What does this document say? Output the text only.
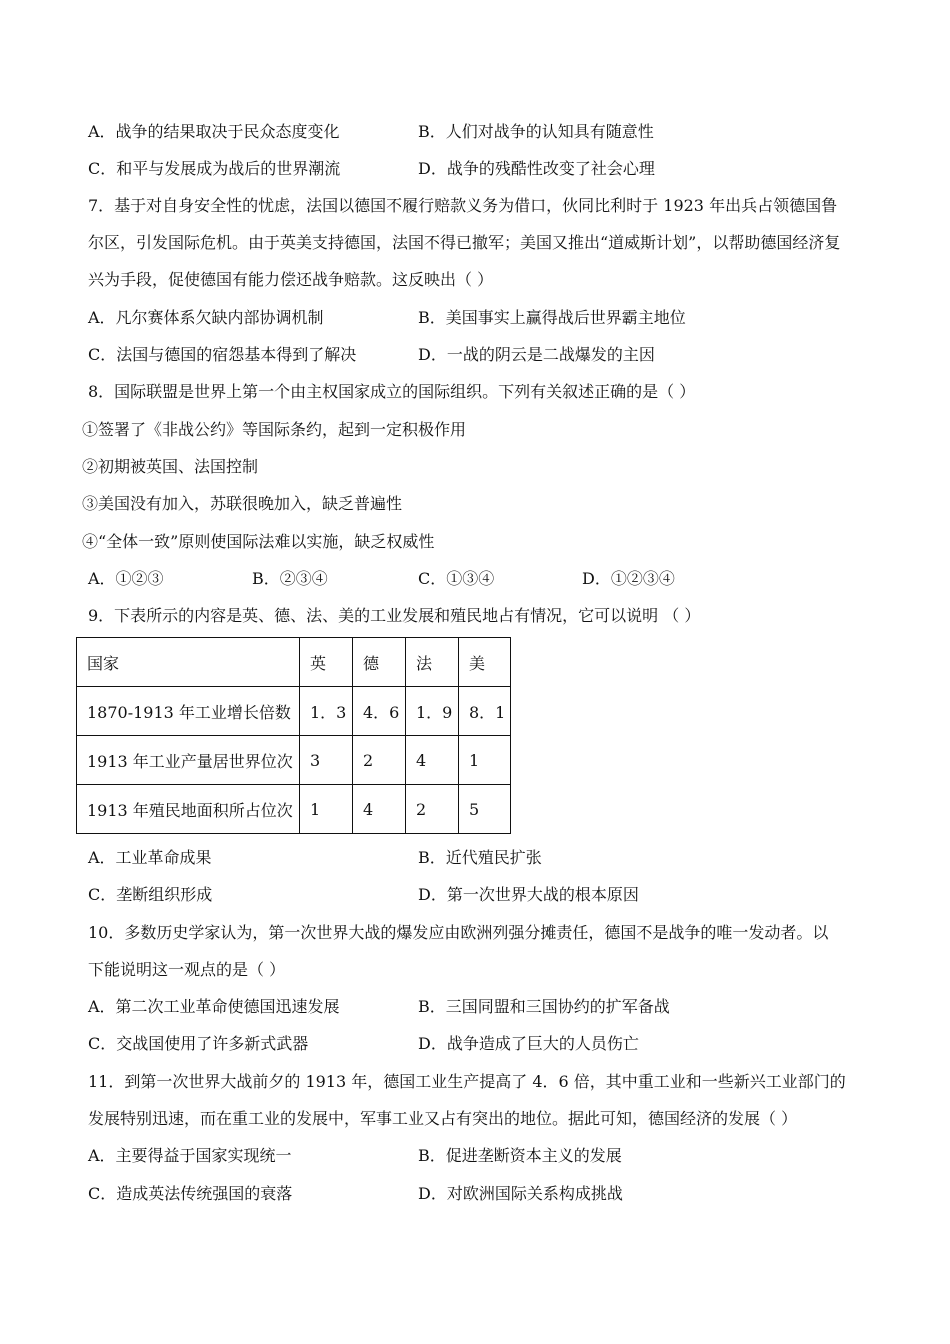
A．战争的结果取决于民众态度变化	B．人们对战争的认知具有随意性
C．和平与发展成为战后的世界潮流	D．战争的残酷性改变了社会心理
7．基于对自身安全性的忧虑，法国以德国不履行赔款义务为借口，伙同比利时于 1923 年出兵占领德国鲁
尔区，引发国际危机。由于英美支持德国，法国不得已撤军；美国又推出“道威斯计划”，以帮助德国经济复
兴为手段，促使德国有能力偿还战争赔款。这反映出（ ）
A．凡尔赛体系欠缺内部协调机制	B．美国事实上赢得战后世界霸主地位
C．法国与德国的宿怨基本得到了解决	D．一战的阴云是二战爆发的主因
8．国际联盟是世界上第一个由主权国家成立的国际组织。下列有关叙述正确的是（ ）
①签署了《非战公约》等国际条约，起到一定积极作用
②初期被英国、法国控制
③美国没有加入，苏联很晚加入，缺乏普遍性
④“全体一致”原则使国际法难以实施，缺乏权威性
A．①②③	B．②③④	C．①③④	D．①②③④
9．下表所示的内容是英、德、法、美的工业发展和殖民地占有情况，它可以说明 （ ）
国家	英	德	法	美
1870-1913 年工业增长倍数	1．3	4．6	1．9	8．1
1913 年工业产量居世界位次	3	2	4	1
1913 年殖民地面积所占位次	1	4	2	5
A．工业革命成果	B．近代殖民扩张
C．垄断组织形成	D．第一次世界大战的根本原因
10．多数历史学家认为，第一次世界大战的爆发应由欧洲列强分摊责任，德国不是战争的唯一发动者。以
下能说明这一观点的是（ ）
A．第二次工业革命使德国迅速发展	B．三国同盟和三国协约的扩军备战
C．交战国使用了许多新式武器	D．战争造成了巨大的人员伤亡
11．到第一次世界大战前夕的 1913 年，德国工业生产提高了 4．6 倍，其中重工业和一些新兴工业部门的
发展特别迅速，而在重工业的发展中，军事工业又占有突出的地位。据此可知，德国经济的发展（ ）
A．主要得益于国家实现统一	B．促进垄断资本主义的发展
C．造成英法传统强国的衰落	D．对欧洲国际关系构成挑战
